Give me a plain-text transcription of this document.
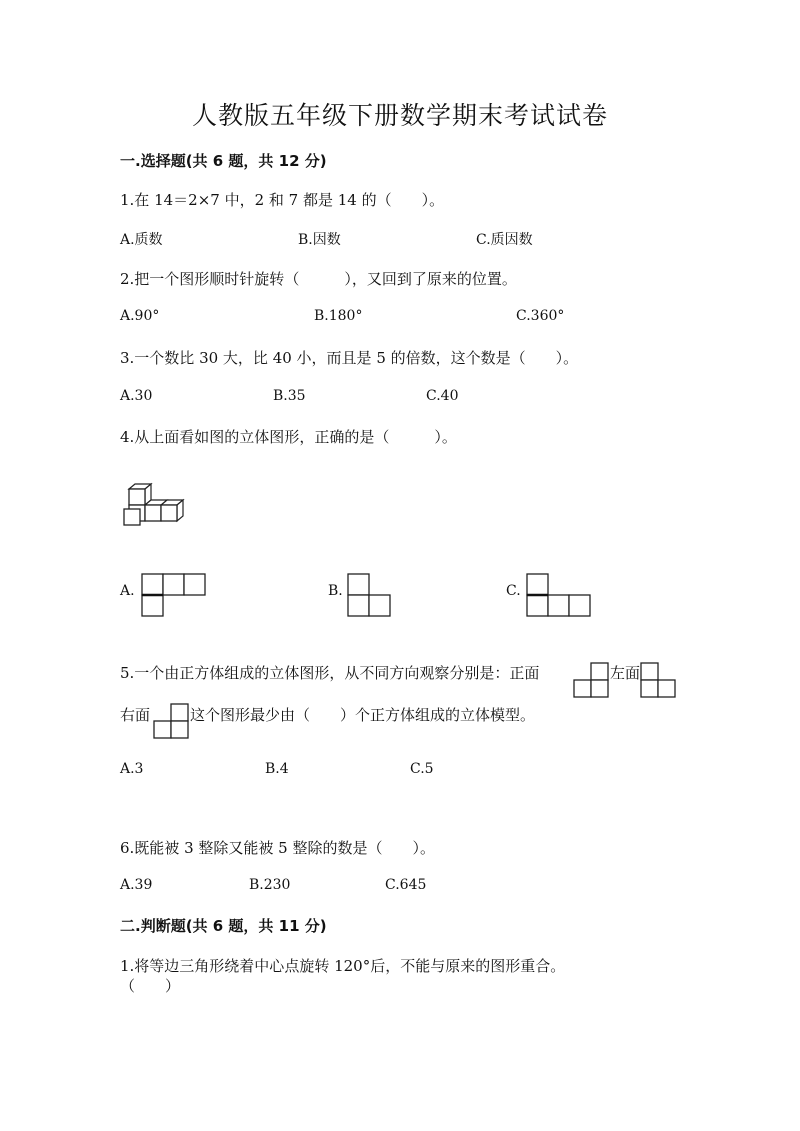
人教版五年级下册数学期末考试试卷
一.选择题(共 6 题，共 12 分)
1.在 14＝2×7 中，2 和 7 都是 14 的（　　）。
A.质数	B.因数	C.质因数
2.把一个图形顺时针旋转（　　　），又回到了原来的位置。
A.90°	B.180°	C.360°
3.一个数比 30 大，比 40 小，而且是 5 的倍数，这个数是（　　）。
A.30	B.35	C.40
4.从上面看如图的立体图形，正确的是（　　　）。
A.	B.	C.
5.一个由正方体组成的立体图形，从不同方向观察分别是：正面	左面
右面	这个图形最少由（　　）个正方体组成的立体模型。
A.3	B.4	C.5
6.既能被 3 整除又能被 5 整除的数是（　　）。
A.39	B.230	C.645
二.判断题(共 6 题，共 11 分)
1.将等边三角形绕着中心点旋转 120°后，不能与原来的图形重合。
（　　）
